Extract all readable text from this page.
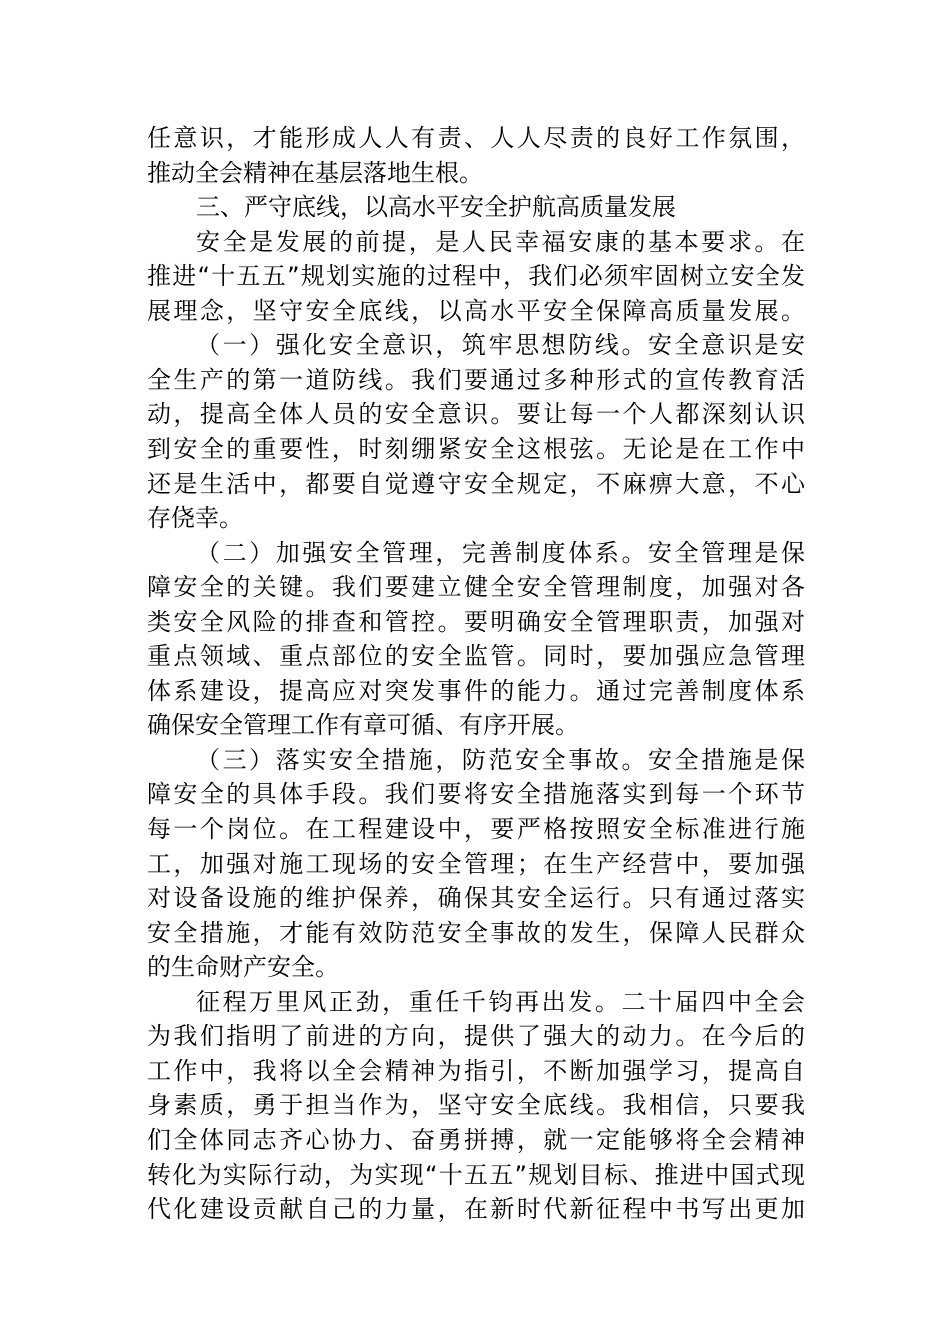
任意识，才能形成人人有责、人人尽责的良好工作氛围，
推动全会精神在基层落地生根。
三、严守底线，以高水平安全护航高质量发展
安全是发展的前提，是人民幸福安康的基本要求。在
推进“十五五”规划实施的过程中，我们必须牢固树立安全发
展理念，坚守安全底线，以高水平安全保障高质量发展。
（一）强化安全意识，筑牢思想防线。安全意识是安
全生产的第一道防线。我们要通过多种形式的宣传教育活
动，提高全体人员的安全意识。要让每一个人都深刻认识
到安全的重要性，时刻绷紧安全这根弦。无论是在工作中
还是生活中，都要自觉遵守安全规定，不麻痹大意，不心
存侥幸。
（二）加强安全管理，完善制度体系。安全管理是保
障安全的关键。我们要建立健全安全管理制度，加强对各
类安全风险的排查和管控。要明确安全管理职责，加强对
重点领域、重点部位的安全监管。同时，要加强应急管理
体系建设，提高应对突发事件的能力。通过完善制度体系
确保安全管理工作有章可循、有序开展。
（三）落实安全措施，防范安全事故。安全措施是保
障安全的具体手段。我们要将安全措施落实到每一个环节
每一个岗位。在工程建设中，要严格按照安全标准进行施
工，加强对施工现场的安全管理；在生产经营中，要加强
对设备设施的维护保养，确保其安全运行。只有通过落实
安全措施，才能有效防范安全事故的发生，保障人民群众
的生命财产安全。
征程万里风正劲，重任千钧再出发。二十届四中全会
为我们指明了前进的方向，提供了强大的动力。在今后的
工作中，我将以全会精神为指引，不断加强学习，提高自
身素质，勇于担当作为，坚守安全底线。我相信，只要我
们全体同志齐心协力、奋勇拼搏，就一定能够将全会精神
转化为实际行动，为实现“十五五”规划目标、推进中国式现
代化建设贡献自己的力量，在新时代新征程中书写出更加
